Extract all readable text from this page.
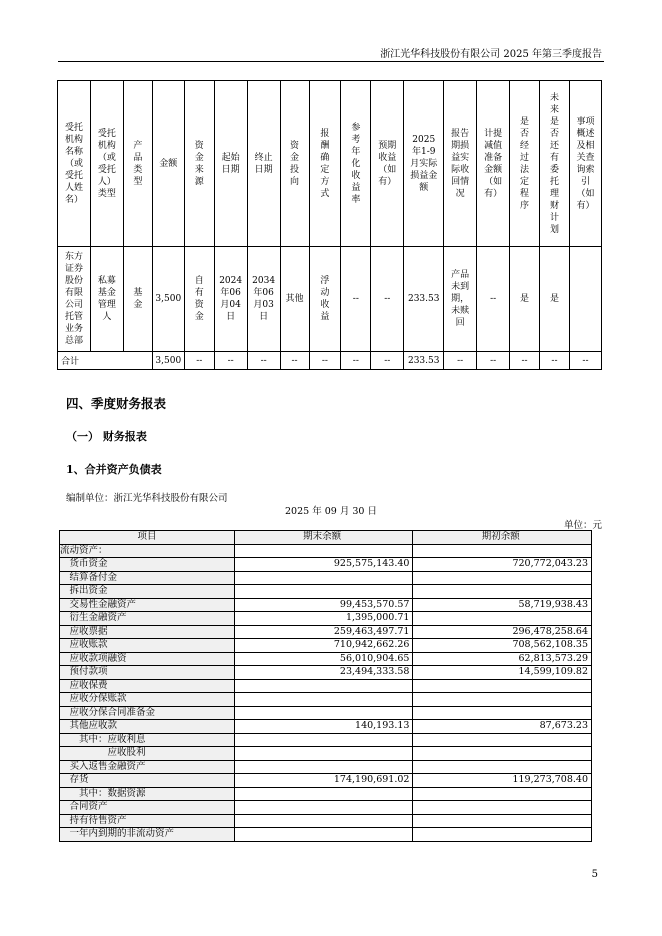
浙江光华科技股份有限公司 2025 年第三季度报告
受托机构名称（或受托人姓名）	受托机构（或受托人）类型	产品类型	金额	资金来源	起始日期	终止日期	资金投向	报酬确定方式	参考年化收益率	预期收益（如有）	2025年1-9月实际损益金额	报告期损益实际收回情况	计提减值准备金额（如有）	是否经过法定程序	未来是否还有委托理财计划	事项概述及相关查询索引（如有）
东方证券股份有限公司托管业务总部	私募基金管理人	基金	3,500	自有资金	2024年06月04日	2034年06月03日	其他	浮动收益	--	--	233.53	产品未到期，未赎回	--	是	是	
合计			3,500	--	--	--	--	--	--	--	233.53	--	--	--	--	--
四、季度财务报表
（一） 财务报表
1、合并资产负债表
编制单位：浙江光华科技股份有限公司
2025 年 09 月 30 日
单位：元
项目	期末余额	期初余额
流动资产：		
　货币资金	925,575,143.40	720,772,043.23
　结算备付金		
　拆出资金		
　交易性金融资产	99,453,570.57	58,719,938.43
　衍生金融资产	1,395,000.71	
　应收票据	259,463,497.71	296,478,258.64
　应收账款	710,942,662.26	708,562,108.35
　应收款项融资	56,010,904.65	62,813,573.29
　预付款项	23,494,333.58	14,599,109.82
　应收保费		
　应收分保账款		
　应收分保合同准备金		
　其他应收款	140,193.13	87,673.23
　　其中：应收利息		
　　　　　应收股利		
　买入返售金融资产		
　存货	174,190,691.02	119,273,708.40
　　其中：数据资源		
　合同资产		
　持有待售资产		
　一年内到期的非流动资产		
5
